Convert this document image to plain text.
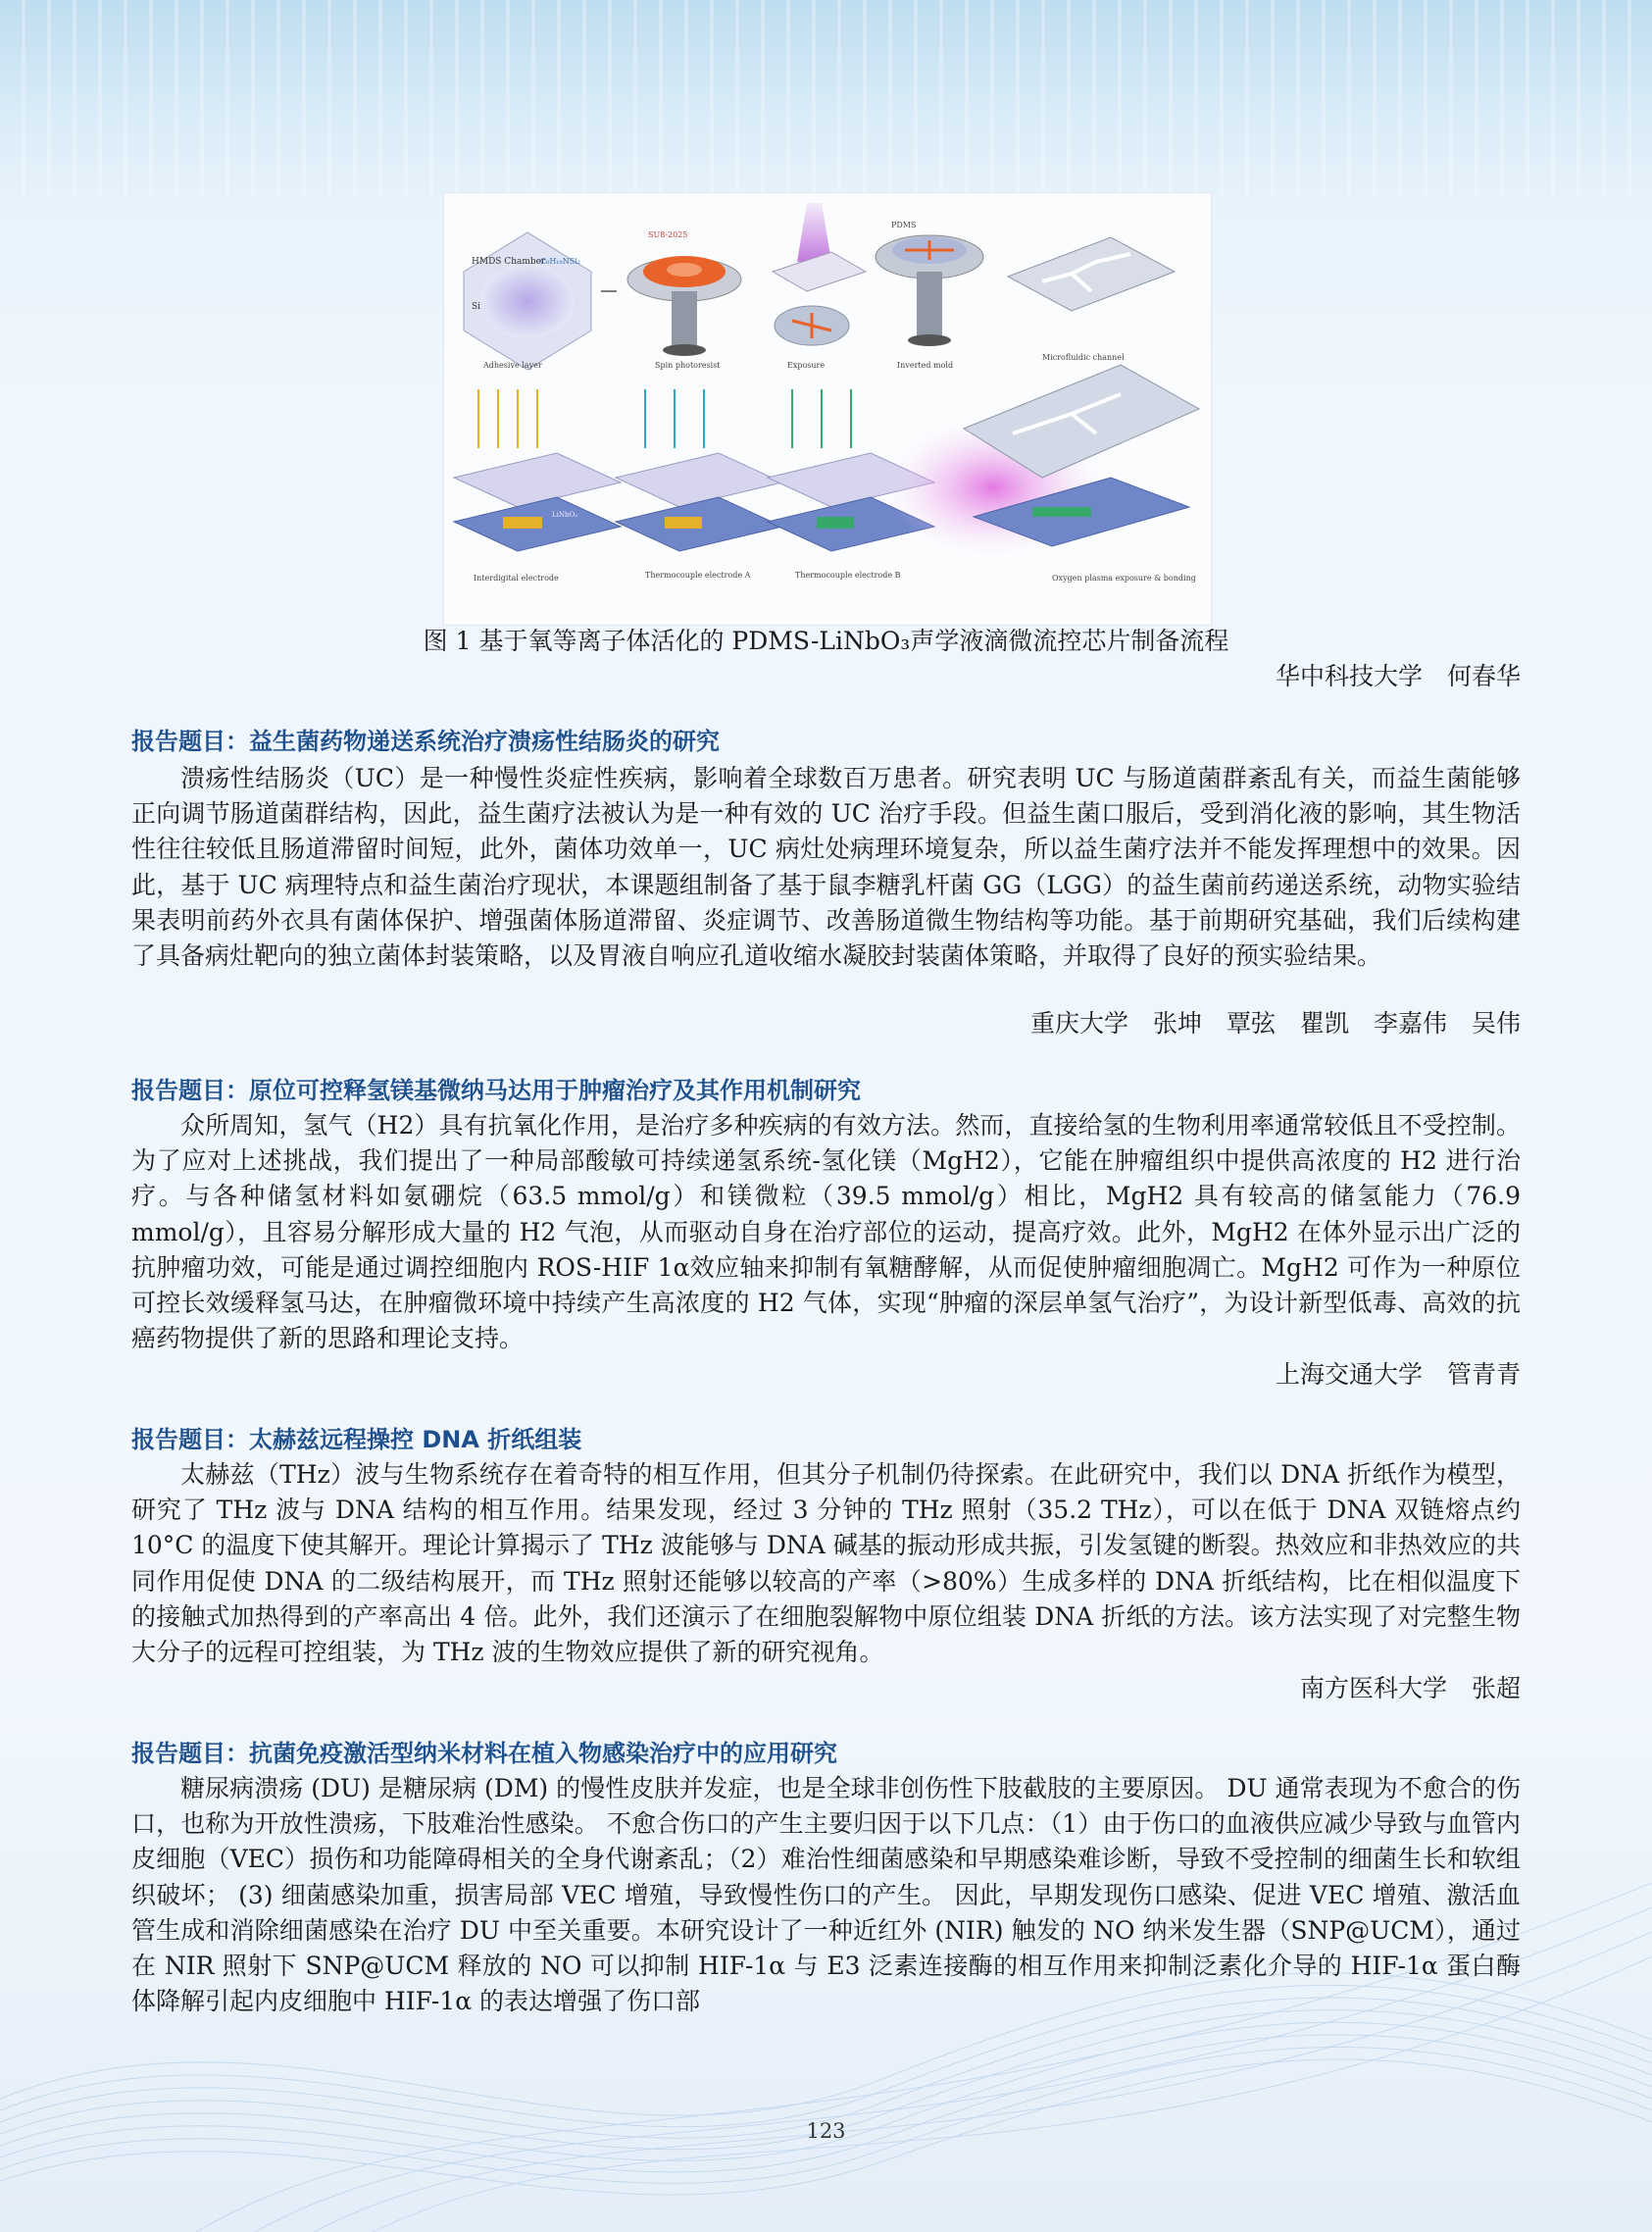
HMDS Chamber
C₆H₁₉NSi₂
Si
SU8-2025
PDMS
Microfluidic channel
Adhesive layer	Spin photoresist	Exposure	Inverted mold
Interdigital electrode
LiNbO₃
Thermocouple electrode A	Thermocouple electrode B	Oxygen plasma exposure & bonding
图 1 基于氧等离子体活化的 PDMS-LiNbO₃声学液滴微流控芯片制备流程
华中科技大学　何春华
报告题目：益生菌药物递送系统治疗溃疡性结肠炎的研究

溃疡性结肠炎（UC）是一种慢性炎症性疾病，影响着全球数百万患者。研究表明 UC 与肠道菌群紊乱有关，而益生菌能够正向调节肠道菌群结构，因此，益生菌疗法被认为是一种有效的 UC 治疗手段。但益生菌口服后，受到消化液的影响，其生物活性往往较低且肠道滞留时间短，此外，菌体功效单一，UC 病灶处病理环境复杂，所以益生菌疗法并不能发挥理想中的效果。因此，基于 UC 病理特点和益生菌治疗现状，本课题组制备了基于鼠李糖乳杆菌 GG（LGG）的益生菌前药递送系统，动物实验结果表明前药外衣具有菌体保护、增强菌体肠道滞留、炎症调节、改善肠道微生物结构等功能。基于前期研究基础，我们后续构建了具备病灶靶向的独立菌体封装策略，以及胃液自响应孔道收缩水凝胶封装菌体策略，并取得了良好的预实验结果。

重庆大学　张坤　覃弦　瞿凯　李嘉伟　吴伟
报告题目：原位可控释氢镁基微纳马达用于肿瘤治疗及其作用机制研究

众所周知，氢气（H2）具有抗氧化作用，是治疗多种疾病的有效方法。然而，直接给氢的生物利用率通常较低且不受控制。为了应对上述挑战，我们提出了一种局部酸敏可持续递氢系统-氢化镁（MgH2），它能在肿瘤组织中提供高浓度的 H2 进行治疗。与各种储氢材料如氨硼烷（63.5 mmol/g）和镁微粒（39.5 mmol/g）相比，MgH2 具有较高的储氢能力（76.9 mmol/g），且容易分解形成大量的 H2 气泡，从而驱动自身在治疗部位的运动，提高疗效。此外，MgH2 在体外显示出广泛的抗肿瘤功效，可能是通过调控细胞内 ROS-HIF 1α效应轴来抑制有氧糖酵解，从而促使肿瘤细胞凋亡。MgH2 可作为一种原位可控长效缓释氢马达，在肿瘤微环境中持续产生高浓度的 H2 气体，实现“肿瘤的深层单氢气治疗”，为设计新型低毒、高效的抗癌药物提供了新的思路和理论支持。

上海交通大学　管青青
报告题目：太赫兹远程操控 DNA 折纸组装

太赫兹（THz）波与生物系统存在着奇特的相互作用，但其分子机制仍待探索。在此研究中，我们以 DNA 折纸作为模型，研究了 THz 波与 DNA 结构的相互作用。结果发现，经过 3 分钟的 THz 照射（35.2 THz），可以在低于 DNA 双链熔点约 10°C 的温度下使其解开。理论计算揭示了 THz 波能够与 DNA 碱基的振动形成共振，引发氢键的断裂。热效应和非热效应的共同作用促使 DNA 的二级结构展开，而 THz 照射还能够以较高的产率（>80%）生成多样的 DNA 折纸结构，比在相似温度下的接触式加热得到的产率高出 4 倍。此外，我们还演示了在细胞裂解物中原位组装 DNA 折纸的方法。该方法实现了对完整生物大分子的远程可控组装，为 THz 波的生物效应提供了新的研究视角。

南方医科大学　张超
报告题目：抗菌免疫激活型纳米材料在植入物感染治疗中的应用研究

糖尿病溃疡 (DU) 是糖尿病 (DM) 的慢性皮肤并发症，也是全球非创伤性下肢截肢的主要原因。 DU 通常表现为不愈合的伤口，也称为开放性溃疡，下肢难治性感染。 不愈合伤口的产生主要归因于以下几点：（1）由于伤口的血液供应减少导致与血管内皮细胞（VEC）损伤和功能障碍相关的全身代谢紊乱；（2）难治性细菌感染和早期感染难诊断，导致不受控制的细菌生长和软组织破坏； (3) 细菌感染加重，损害局部 VEC 增殖，导致慢性伤口的产生。 因此，早期发现伤口感染、促进 VEC 增殖、激活血管生成和消除细菌感染在治疗 DU 中至关重要。本研究设计了一种近红外 (NIR) 触发的 NO 纳米发生器（SNP@UCM），通过在 NIR 照射下 SNP@UCM 释放的 NO 可以抑制 HIF-1α 与 E3 泛素连接酶的相互作用来抑制泛素化介导的 HIF-1α 蛋白酶体降解引起内皮细胞中 HIF-1α 的表达增强了伤口部

123
